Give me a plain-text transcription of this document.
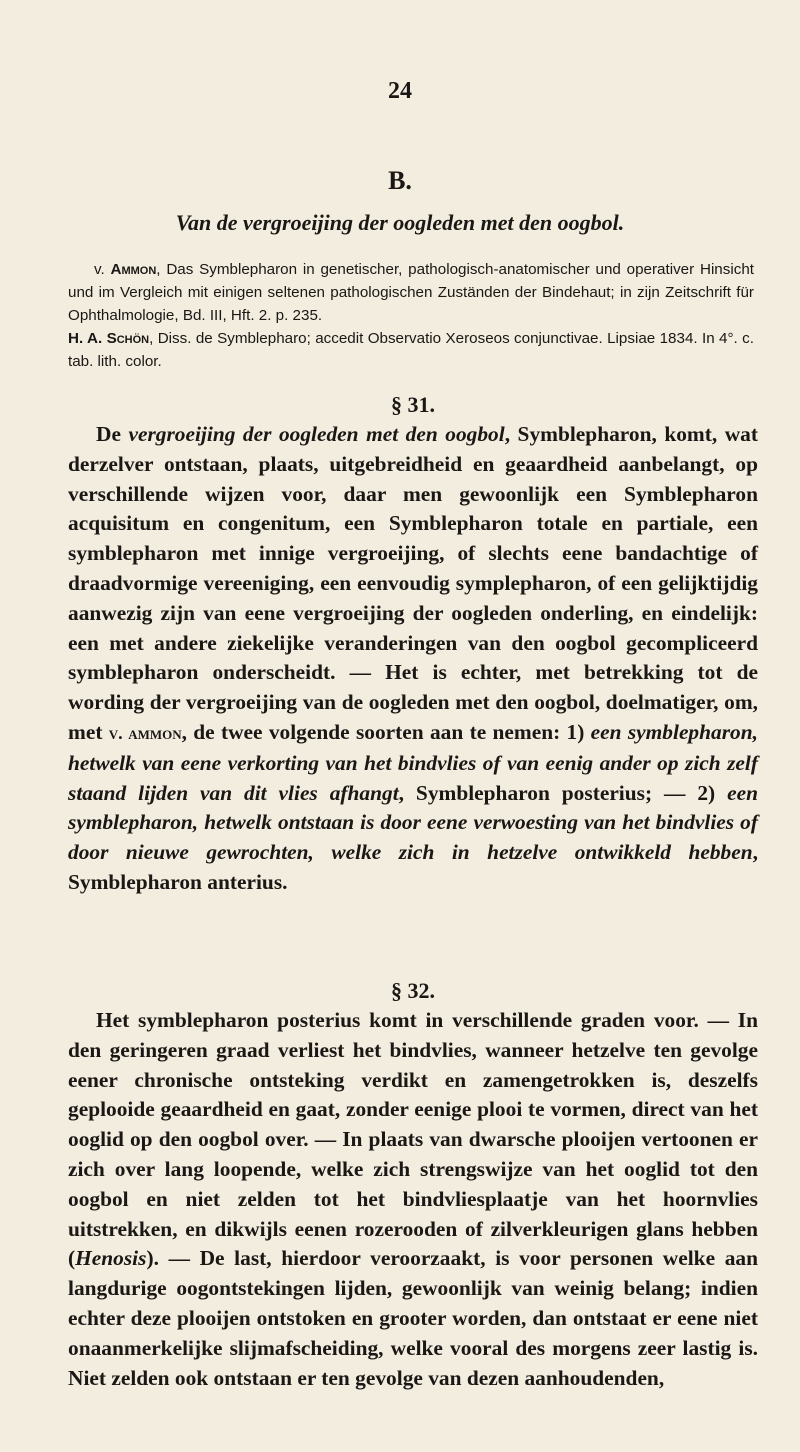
24
B.
Van de vergroeijing der oogleden met den oogbol.

v. Ammon, Das Symblepharon in genetischer, pathologisch-anatomischer und operativer Hinsicht und im Vergleich mit einigen seltenen pathologischen Zuständen der Bindehaut; in zijn Zeitschrift für Ophthalmologie, Bd. III, Hft. 2. p. 235.
H. A. Schön, Diss. de Symblepharo; accedit Observatio Xeroseos conjunctivae. Lipsiae 1834. In 4°. c. tab. lith. color.

§ 31.

De vergroeijing der oogleden met den oogbol, Symblepharon, komt, wat derzelver ontstaan, plaats, uitgebreidheid en geaardheid aanbelangt, op verschillende wijzen voor, daar men gewoonlijk een Symblepharon acquisitum en congenitum, een Symblepharon totale en partiale, een symblepharon met innige vergroeijing, of slechts eene bandachtige of draadvormige vereeniging, een eenvoudig symplepharon, of een gelijktijdig aanwezig zijn van eene vergroeijing der oogleden onderling, en eindelijk: een met andere ziekelijke veranderingen van den oogbol gecompliceerd symblepharon onderscheidt. — Het is echter, met betrekking tot de wording der vergroeijing van de oogleden met den oogbol, doelmatiger, om, met v. ammon, de twee volgende soorten aan te nemen: 1) een symblepharon, hetwelk van eene verkorting van het bindvlies of van eenig ander op zich zelf staand lijden van dit vlies afhangt, Symblepharon posterius; — 2) een symblepharon, hetwelk ontstaan is door eene verwoesting van het bindvlies of door nieuwe gewrochten, welke zich in hetzelve ontwikkeld hebben, Symblepharon anterius.

§ 32.

Het symblepharon posterius komt in verschillende graden voor. — In den geringeren graad verliest het bindvlies, wanneer hetzelve ten gevolge eener chronische ontsteking verdikt en zamengetrokken is, deszelfs geplooide geaardheid en gaat, zonder eenige plooi te vormen, direct van het ooglid op den oogbol over. — In plaats van dwarsche plooijen vertoonen er zich over lang loopende, welke zich strengswijze van het ooglid tot den oogbol en niet zelden tot het bindvliesplaatje van het hoornvlies uitstrekken, en dikwijls eenen rozerooden of zilverkleurigen glans hebben (Henosis). — De last, hierdoor veroorzaakt, is voor personen welke aan langdurige oogontstekingen lijden, gewoonlijk van weinig belang; indien echter deze plooijen ontstoken en grooter worden, dan ontstaat er eene niet onaanmerkelijke slijmafscheiding, welke vooral des morgens zeer lastig is. Niet zelden ook ontstaan er ten gevolge van dezen aanhoudenden,
